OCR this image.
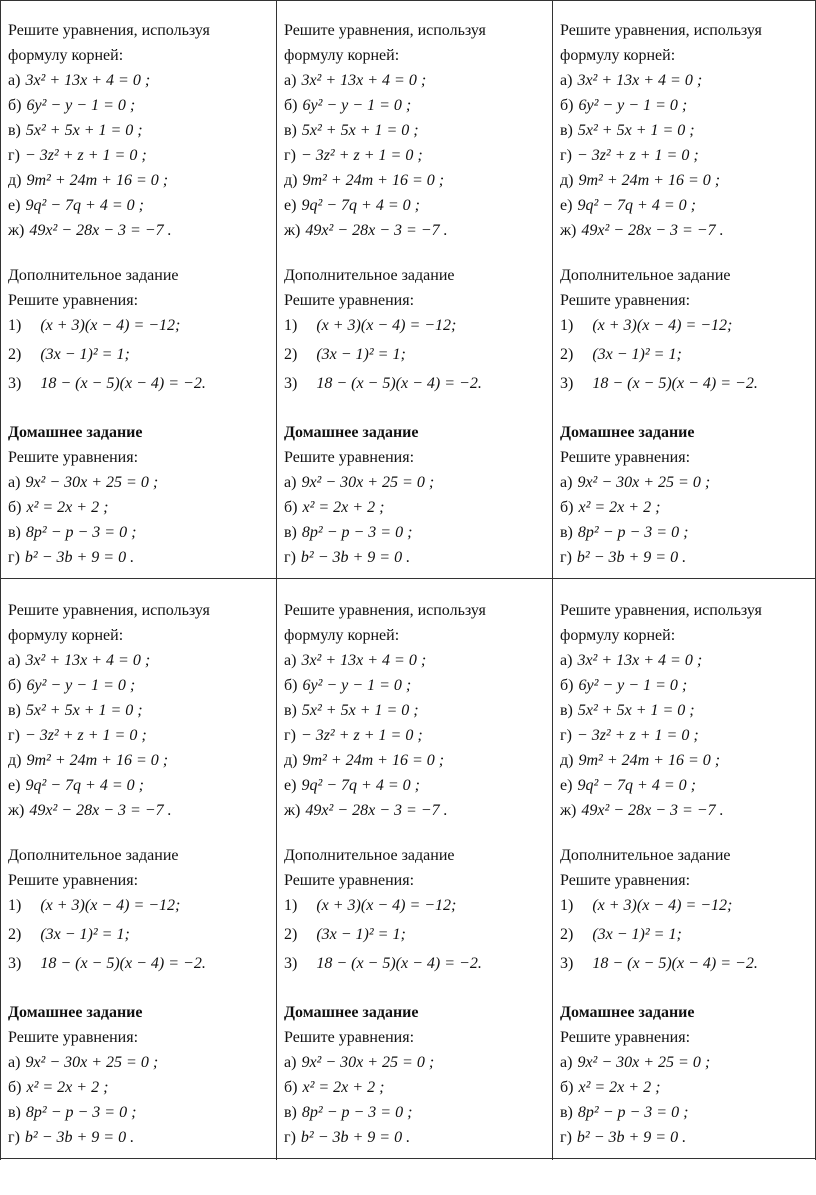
Решите уравнения, используя
формулу корней:
а) 3x² + 13x + 4 = 0 ;
б) 6y² − y − 1 = 0 ;
в) 5x² + 5x + 1 = 0 ;
г) − 3z² + z + 1 = 0 ;
д) 9m² + 24m + 16 = 0 ;
е) 9q² − 7q + 4 = 0 ;
ж) 49x² − 28x − 3 = −7 .
Дополнительное задание
Решите уравнения:
1) (x + 3)(x − 4) = −12;
2) (3x − 1)² = 1;
3) 18 − (x − 5)(x − 4) = −2.
Домашнее задание
Решите уравнения:
а) 9x² − 30x + 25 = 0 ;
б) x² = 2x + 2 ;
в) 8p² − p − 3 = 0 ;
г) b² − 3b + 9 = 0 .
Решите уравнения, используя
формулу корней:
а) 3x² + 13x + 4 = 0 ;
б) 6y² − y − 1 = 0 ;
в) 5x² + 5x + 1 = 0 ;
г) − 3z² + z + 1 = 0 ;
д) 9m² + 24m + 16 = 0 ;
е) 9q² − 7q + 4 = 0 ;
ж) 49x² − 28x − 3 = −7 .
Дополнительное задание
Решите уравнения:
1) (x + 3)(x − 4) = −12;
2) (3x − 1)² = 1;
3) 18 − (x − 5)(x − 4) = −2.
Домашнее задание
Решите уравнения:
а) 9x² − 30x + 25 = 0 ;
б) x² = 2x + 2 ;
в) 8p² − p − 3 = 0 ;
г) b² − 3b + 9 = 0 .
Решите уравнения, используя
формулу корней:
а) 3x² + 13x + 4 = 0 ;
б) 6y² − y − 1 = 0 ;
в) 5x² + 5x + 1 = 0 ;
г) − 3z² + z + 1 = 0 ;
д) 9m² + 24m + 16 = 0 ;
е) 9q² − 7q + 4 = 0 ;
ж) 49x² − 28x − 3 = −7 .
Дополнительное задание
Решите уравнения:
1) (x + 3)(x − 4) = −12;
2) (3x − 1)² = 1;
3) 18 − (x − 5)(x − 4) = −2.
Домашнее задание
Решите уравнения:
а) 9x² − 30x + 25 = 0 ;
б) x² = 2x + 2 ;
в) 8p² − p − 3 = 0 ;
г) b² − 3b + 9 = 0 .
Решите уравнения, используя
формулу корней:
а) 3x² + 13x + 4 = 0 ;
б) 6y² − y − 1 = 0 ;
в) 5x² + 5x + 1 = 0 ;
г) − 3z² + z + 1 = 0 ;
д) 9m² + 24m + 16 = 0 ;
е) 9q² − 7q + 4 = 0 ;
ж) 49x² − 28x − 3 = −7 .
Дополнительное задание
Решите уравнения:
1) (x + 3)(x − 4) = −12;
2) (3x − 1)² = 1;
3) 18 − (x − 5)(x − 4) = −2.
Домашнее задание
Решите уравнения:
а) 9x² − 30x + 25 = 0 ;
б) x² = 2x + 2 ;
в) 8p² − p − 3 = 0 ;
г) b² − 3b + 9 = 0 .
Решите уравнения, используя
формулу корней:
а) 3x² + 13x + 4 = 0 ;
б) 6y² − y − 1 = 0 ;
в) 5x² + 5x + 1 = 0 ;
г) − 3z² + z + 1 = 0 ;
д) 9m² + 24m + 16 = 0 ;
е) 9q² − 7q + 4 = 0 ;
ж) 49x² − 28x − 3 = −7 .
Дополнительное задание
Решите уравнения:
1) (x + 3)(x − 4) = −12;
2) (3x − 1)² = 1;
3) 18 − (x − 5)(x − 4) = −2.
Домашнее задание
Решите уравнения:
а) 9x² − 30x + 25 = 0 ;
б) x² = 2x + 2 ;
в) 8p² − p − 3 = 0 ;
г) b² − 3b + 9 = 0 .
Решите уравнения, используя
формулу корней:
а) 3x² + 13x + 4 = 0 ;
б) 6y² − y − 1 = 0 ;
в) 5x² + 5x + 1 = 0 ;
г) − 3z² + z + 1 = 0 ;
д) 9m² + 24m + 16 = 0 ;
е) 9q² − 7q + 4 = 0 ;
ж) 49x² − 28x − 3 = −7 .
Дополнительное задание
Решите уравнения:
1) (x + 3)(x − 4) = −12;
2) (3x − 1)² = 1;
3) 18 − (x − 5)(x − 4) = −2.
Домашнее задание
Решите уравнения:
а) 9x² − 30x + 25 = 0 ;
б) x² = 2x + 2 ;
в) 8p² − p − 3 = 0 ;
г) b² − 3b + 9 = 0 .
